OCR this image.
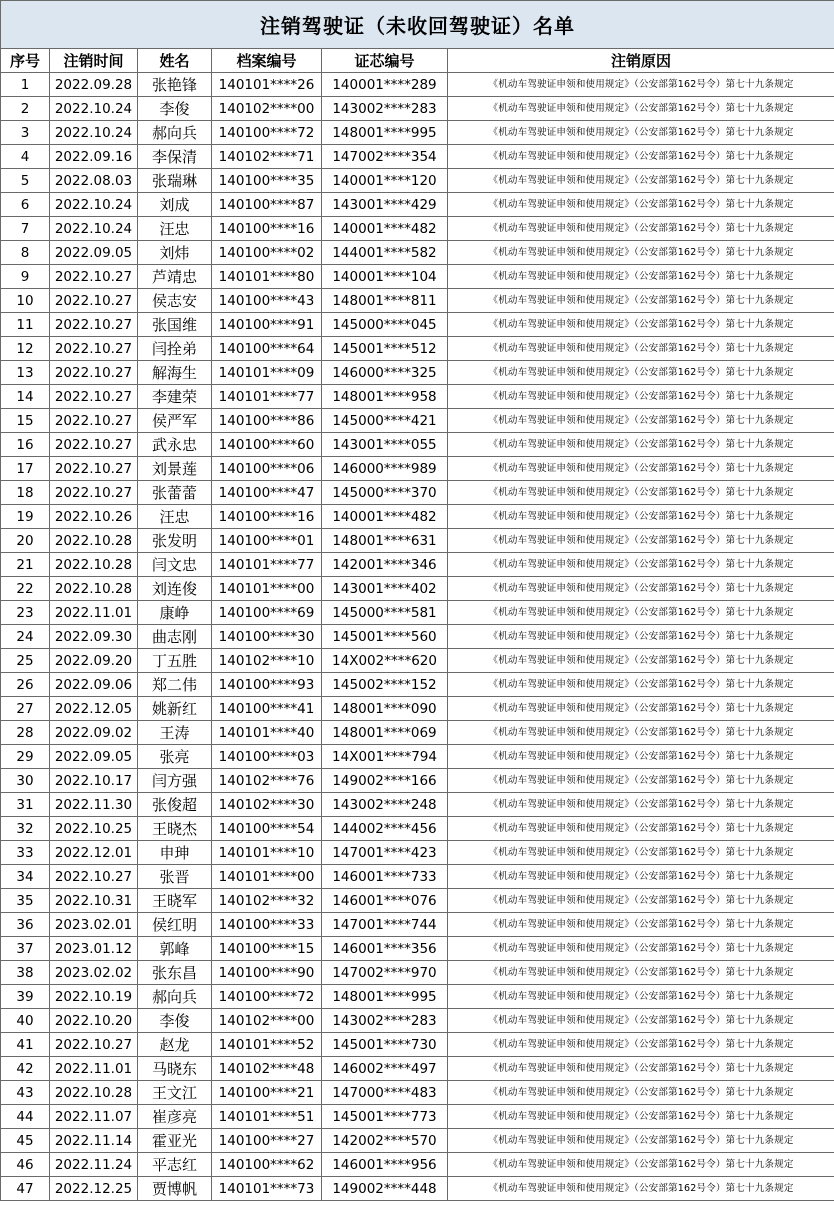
注销驾驶证（未收回驾驶证）名单					
序号	注销时间	姓名	档案编号	证芯编号	注销原因
1	2022.09.28	张艳锋	140101****26	140001****289	《机动车驾驶证申领和使用规定》（公安部第162号令）第七十九条规定
2	2022.10.24	李俊	140102****00	143002****283	《机动车驾驶证申领和使用规定》（公安部第162号令）第七十九条规定
3	2022.10.24	郝向兵	140100****72	148001****995	《机动车驾驶证申领和使用规定》（公安部第162号令）第七十九条规定
4	2022.09.16	李保清	140102****71	147002****354	《机动车驾驶证申领和使用规定》（公安部第162号令）第七十九条规定
5	2022.08.03	张瑞琳	140100****35	140001****120	《机动车驾驶证申领和使用规定》（公安部第162号令）第七十九条规定
6	2022.10.24	刘成	140100****87	143001****429	《机动车驾驶证申领和使用规定》（公安部第162号令）第七十九条规定
7	2022.10.24	汪忠	140100****16	140001****482	《机动车驾驶证申领和使用规定》（公安部第162号令）第七十九条规定
8	2022.09.05	刘炜	140100****02	144001****582	《机动车驾驶证申领和使用规定》（公安部第162号令）第七十九条规定
9	2022.10.27	芦靖忠	140101****80	140001****104	《机动车驾驶证申领和使用规定》（公安部第162号令）第七十九条规定
10	2022.10.27	侯志安	140100****43	148001****811	《机动车驾驶证申领和使用规定》（公安部第162号令）第七十九条规定
11	2022.10.27	张国维	140100****91	145000****045	《机动车驾驶证申领和使用规定》（公安部第162号令）第七十九条规定
12	2022.10.27	闫拴弟	140100****64	145001****512	《机动车驾驶证申领和使用规定》（公安部第162号令）第七十九条规定
13	2022.10.27	解海生	140101****09	146000****325	《机动车驾驶证申领和使用规定》（公安部第162号令）第七十九条规定
14	2022.10.27	李建荣	140101****77	148001****958	《机动车驾驶证申领和使用规定》（公安部第162号令）第七十九条规定
15	2022.10.27	侯严军	140100****86	145000****421	《机动车驾驶证申领和使用规定》（公安部第162号令）第七十九条规定
16	2022.10.27	武永忠	140100****60	143001****055	《机动车驾驶证申领和使用规定》（公安部第162号令）第七十九条规定
17	2022.10.27	刘景莲	140100****06	146000****989	《机动车驾驶证申领和使用规定》（公安部第162号令）第七十九条规定
18	2022.10.27	张蕾蕾	140100****47	145000****370	《机动车驾驶证申领和使用规定》（公安部第162号令）第七十九条规定
19	2022.10.26	汪忠	140100****16	140001****482	《机动车驾驶证申领和使用规定》（公安部第162号令）第七十九条规定
20	2022.10.28	张发明	140100****01	148001****631	《机动车驾驶证申领和使用规定》（公安部第162号令）第七十九条规定
21	2022.10.28	闫文忠	140101****77	142001****346	《机动车驾驶证申领和使用规定》（公安部第162号令）第七十九条规定
22	2022.10.28	刘连俊	140101****00	143001****402	《机动车驾驶证申领和使用规定》（公安部第162号令）第七十九条规定
23	2022.11.01	康峥	140100****69	145000****581	《机动车驾驶证申领和使用规定》（公安部第162号令）第七十九条规定
24	2022.09.30	曲志刚	140100****30	145001****560	《机动车驾驶证申领和使用规定》（公安部第162号令）第七十九条规定
25	2022.09.20	丁五胜	140102****10	14X002****620	《机动车驾驶证申领和使用规定》（公安部第162号令）第七十九条规定
26	2022.09.06	郑二伟	140100****93	145002****152	《机动车驾驶证申领和使用规定》（公安部第162号令）第七十九条规定
27	2022.12.05	姚新红	140100****41	148001****090	《机动车驾驶证申领和使用规定》（公安部第162号令）第七十九条规定
28	2022.09.02	王涛	140101****40	148001****069	《机动车驾驶证申领和使用规定》（公安部第162号令）第七十九条规定
29	2022.09.05	张亮	140100****03	14X001****794	《机动车驾驶证申领和使用规定》（公安部第162号令）第七十九条规定
30	2022.10.17	闫方强	140102****76	149002****166	《机动车驾驶证申领和使用规定》（公安部第162号令）第七十九条规定
31	2022.11.30	张俊超	140102****30	143002****248	《机动车驾驶证申领和使用规定》（公安部第162号令）第七十九条规定
32	2022.10.25	王晓杰	140100****54	144002****456	《机动车驾驶证申领和使用规定》（公安部第162号令）第七十九条规定
33	2022.12.01	申珅	140101****10	147001****423	《机动车驾驶证申领和使用规定》（公安部第162号令）第七十九条规定
34	2022.10.27	张晋	140101****00	146001****733	《机动车驾驶证申领和使用规定》（公安部第162号令）第七十九条规定
35	2022.10.31	王晓军	140102****32	146001****076	《机动车驾驶证申领和使用规定》（公安部第162号令）第七十九条规定
36	2023.02.01	侯红明	140100****33	147001****744	《机动车驾驶证申领和使用规定》（公安部第162号令）第七十九条规定
37	2023.01.12	郭峰	140100****15	146001****356	《机动车驾驶证申领和使用规定》（公安部第162号令）第七十九条规定
38	2023.02.02	张东昌	140100****90	147002****970	《机动车驾驶证申领和使用规定》（公安部第162号令）第七十九条规定
39	2022.10.19	郝向兵	140100****72	148001****995	《机动车驾驶证申领和使用规定》（公安部第162号令）第七十九条规定
40	2022.10.20	李俊	140102****00	143002****283	《机动车驾驶证申领和使用规定》（公安部第162号令）第七十九条规定
41	2022.10.27	赵龙	140101****52	145001****730	《机动车驾驶证申领和使用规定》（公安部第162号令）第七十九条规定
42	2022.11.01	马晓东	140102****48	146002****497	《机动车驾驶证申领和使用规定》（公安部第162号令）第七十九条规定
43	2022.10.28	王文江	140100****21	147000****483	《机动车驾驶证申领和使用规定》（公安部第162号令）第七十九条规定
44	2022.11.07	崔彦亮	140101****51	145001****773	《机动车驾驶证申领和使用规定》（公安部第162号令）第七十九条规定
45	2022.11.14	霍亚光	140100****27	142002****570	《机动车驾驶证申领和使用规定》（公安部第162号令）第七十九条规定
46	2022.11.24	平志红	140100****62	146001****956	《机动车驾驶证申领和使用规定》（公安部第162号令）第七十九条规定
47	2022.12.25	贾博帆	140101****73	149002****448	《机动车驾驶证申领和使用规定》（公安部第162号令）第七十九条规定
